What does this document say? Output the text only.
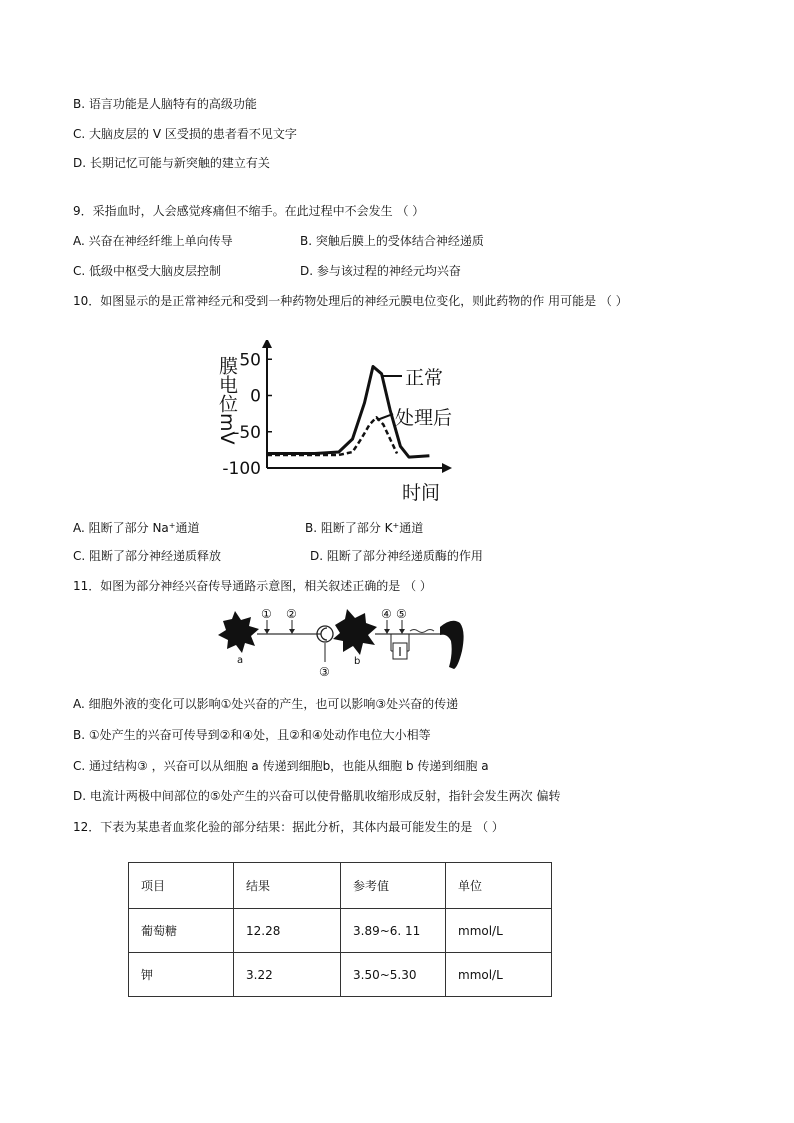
B. 语言功能是人脑特有的高级功能
C. 大脑皮层的 V 区受损的患者看不见文字
D. 长期记忆可能与新突触的建立有关
9．采指血时，人会感觉疼痛但不缩手。在此过程中不会发生 （ ）
A. 兴奋在神经纤维上单向传导	B. 突触后膜上的受体结合神经递质
C. 低级中枢受大脑皮层控制	D. 参与该过程的神经元均兴奋
10．如图显示的是正常神经元和受到一种药物处理后的神经元膜电位变化，则此药物的作 用可能是 （ ）
50
0
-50
-100
膜电位mV
时间
正常
处理后
A. 阻断了部分 Na+通道	B. 阻断了部分 K+通道
C. 阻断了部分神经递质释放	D. 阻断了部分神经递质酶的作用
11．如图为部分神经兴奋传导通路示意图，相关叙述正确的是 （ ）
① ②
③
④ ⑤
a	b
A. 细胞外液的变化可以影响①处兴奋的产生，也可以影响③处兴奋的传递
B. ①处产生的兴奋可传导到②和④处，且②和④处动作电位大小相等
C. 通过结构③ ，兴奋可以从细胞 a 传递到细胞b，也能从细胞 b 传递到细胞 a
D. 电流计两极中间部位的⑤处产生的兴奋可以使骨骼肌收缩形成反射，指针会发生两次 偏转
12．下表为某患者血浆化验的部分结果：据此分析，其体内最可能发生的是 （ ）
项目	结果	参考值	单位
葡萄糖	12.28	3.89~6. 11	mmol/L
钾	3.22	3.50~5.30	mmol/L
